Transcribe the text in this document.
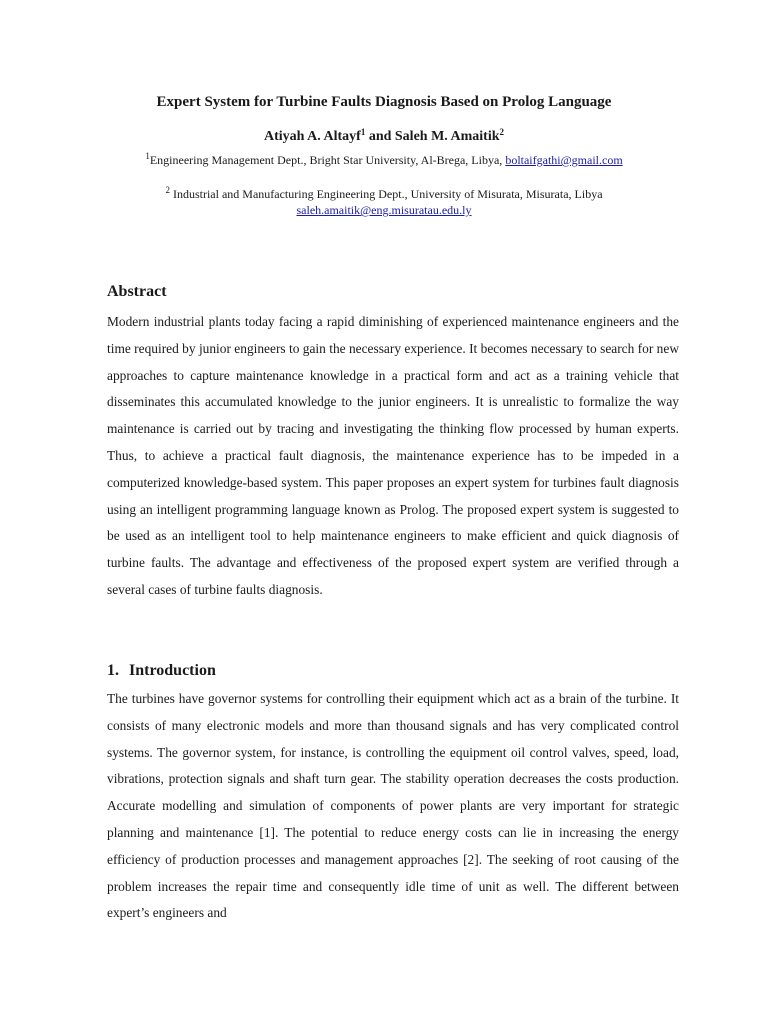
Expert System for Turbine Faults Diagnosis Based on Prolog Language

Atiyah A. Altayf$^1$ and Saleh M. Amaitik$^2$

$^1$Engineering Management Dept., Bright Star University, Al-Brega, Libya, boltaifgathi@gmail.com

$^2$ Industrial and Manufacturing Engineering Dept., University of Misurata, Misurata, Libya

saleh.amaitik@eng.misuratau.edu.ly

Abstract

Modern industrial plants today facing a rapid diminishing of experienced maintenance engineers and the time required by junior engineers to gain the necessary experience. It becomes necessary to search for new approaches to capture maintenance knowledge in a practical form and act as a training vehicle that disseminates this accumulated knowledge to the junior engineers. It is unrealistic to formalize the way maintenance is carried out by tracing and investigating the thinking flow processed by human experts. Thus, to achieve a practical fault diagnosis, the maintenance experience has to be impeded in a computerized knowledge-based system. This paper proposes an expert system for turbines fault diagnosis using an intelligent programming language known as Prolog. The proposed expert system is suggested to be used as an intelligent tool to help maintenance engineers to make efficient and quick diagnosis of turbine faults. The advantage and effectiveness of the proposed expert system are verified through a several cases of turbine faults diagnosis.

1. Introduction

The turbines have governor systems for controlling their equipment which act as a brain of the turbine. It consists of many electronic models and more than thousand signals and has very complicated control systems. The governor system, for instance, is controlling the equipment oil control valves, speed, load, vibrations, protection signals and shaft turn gear. The stability operation decreases the costs production. Accurate modelling and simulation of components of power plants are very important for strategic planning and maintenance [1]. The potential to reduce energy costs can lie in increasing the energy efficiency of production processes and management approaches [2]. The seeking of root causing of the problem increases the repair time and consequently idle time of unit as well. The different between expert’s engineers and
